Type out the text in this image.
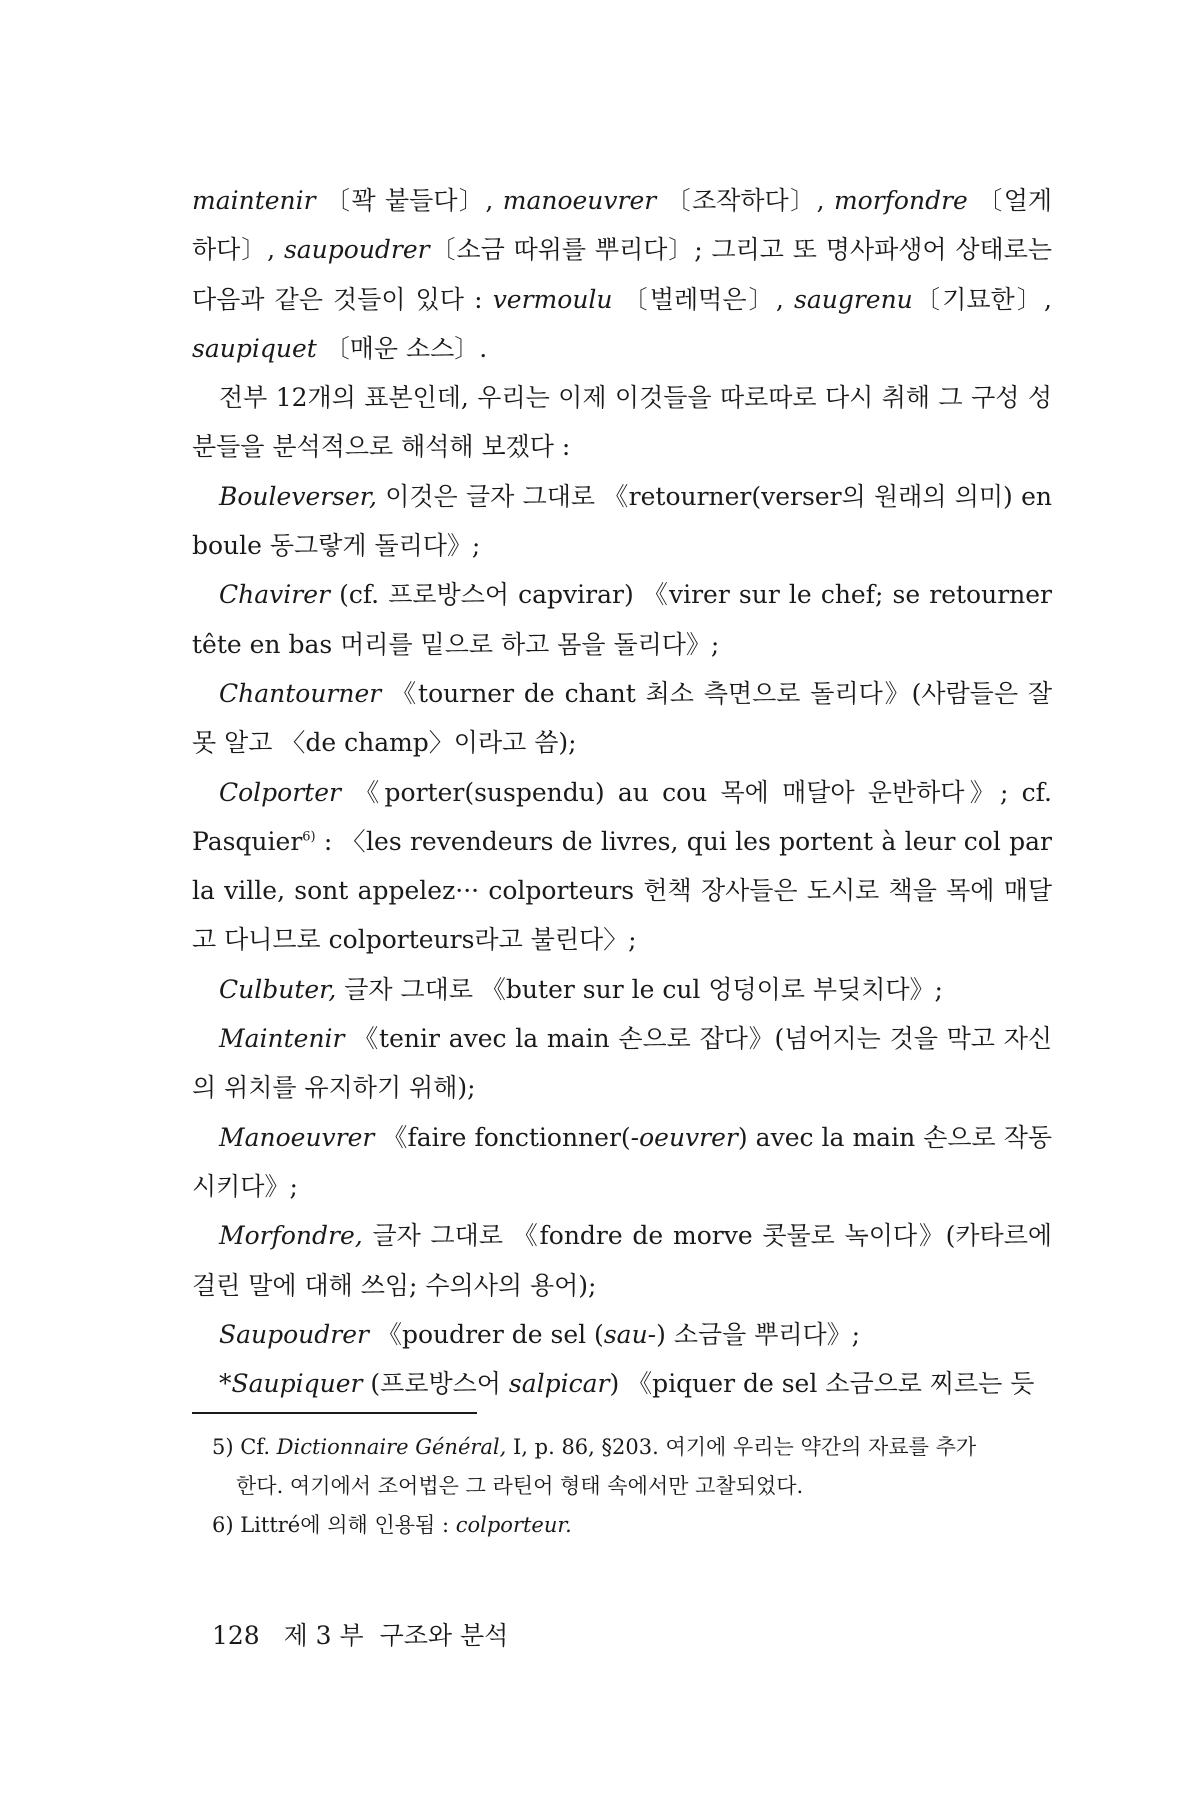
maintenir 〔꽉 붙들다〕, manoeuvrer 〔조작하다〕, morfondre 〔얼게 하다〕, saupoudrer〔소금 따위를 뿌리다〕; 그리고 또 명사파생어 상태로는 다음과 같은 것들이 있다 : vermoulu 〔벌레먹은〕, saugrenu〔기묘한〕, saupiquet 〔매운 소스〕.

전부 12개의 표본인데, 우리는 이제 이것들을 따로따로 다시 취해 그 구성 성분들을 분석적으로 해석해 보겠다 :

Bouleverser, 이것은 글자 그대로 《retourner(verser의 원래의 의미) en boule 동그랗게 돌리다》;

Chavirer (cf. 프로방스어 capvirar) 《virer sur le chef; se retourner tête en bas 머리를 밑으로 하고 몸을 돌리다》;

Chantourner 《tourner de chant 최소 측면으로 돌리다》(사람들은 잘못 알고 〈de champ〉이라고 씀);

Colporter 《porter(suspendu) au cou 목에 매달아 운반하다》; cf. Pasquier$^{6)}$ : 〈les revendeurs de livres, qui les portent à leur col par la ville, sont appelez··· colporteurs 헌책 장사들은 도시로 책을 목에 매달고 다니므로 colporteurs라고 불린다〉;

Culbuter, 글자 그대로 《buter sur le cul 엉덩이로 부딪치다》;

Maintenir 《tenir avec la main 손으로 잡다》(넘어지는 것을 막고 자신의 위치를 유지하기 위해);

Manoeuvrer 《faire fonctionner(-oeuvrer) avec la main 손으로 작동시키다》;

Morfondre, 글자 그대로 《fondre de morve 콧물로 녹이다》(카타르에 걸린 말에 대해 쓰임; 수의사의 용어);

Saupoudrer 《poudrer de sel (sau-) 소금을 뿌리다》;

*Saupiquer (프로방스어 salpicar) 《piquer de sel 소금으로 찌르는 듯

5) Cf. Dictionnaire Général, I, p. 86, §203. 여기에 우리는 약간의 자료를 추가

한다. 여기에서 조어법은 그 라틴어 형태 속에서만 고찰되었다.

6) Littré에 의해 인용됨 : colporteur.

128 제 3 부 구조와 분석
